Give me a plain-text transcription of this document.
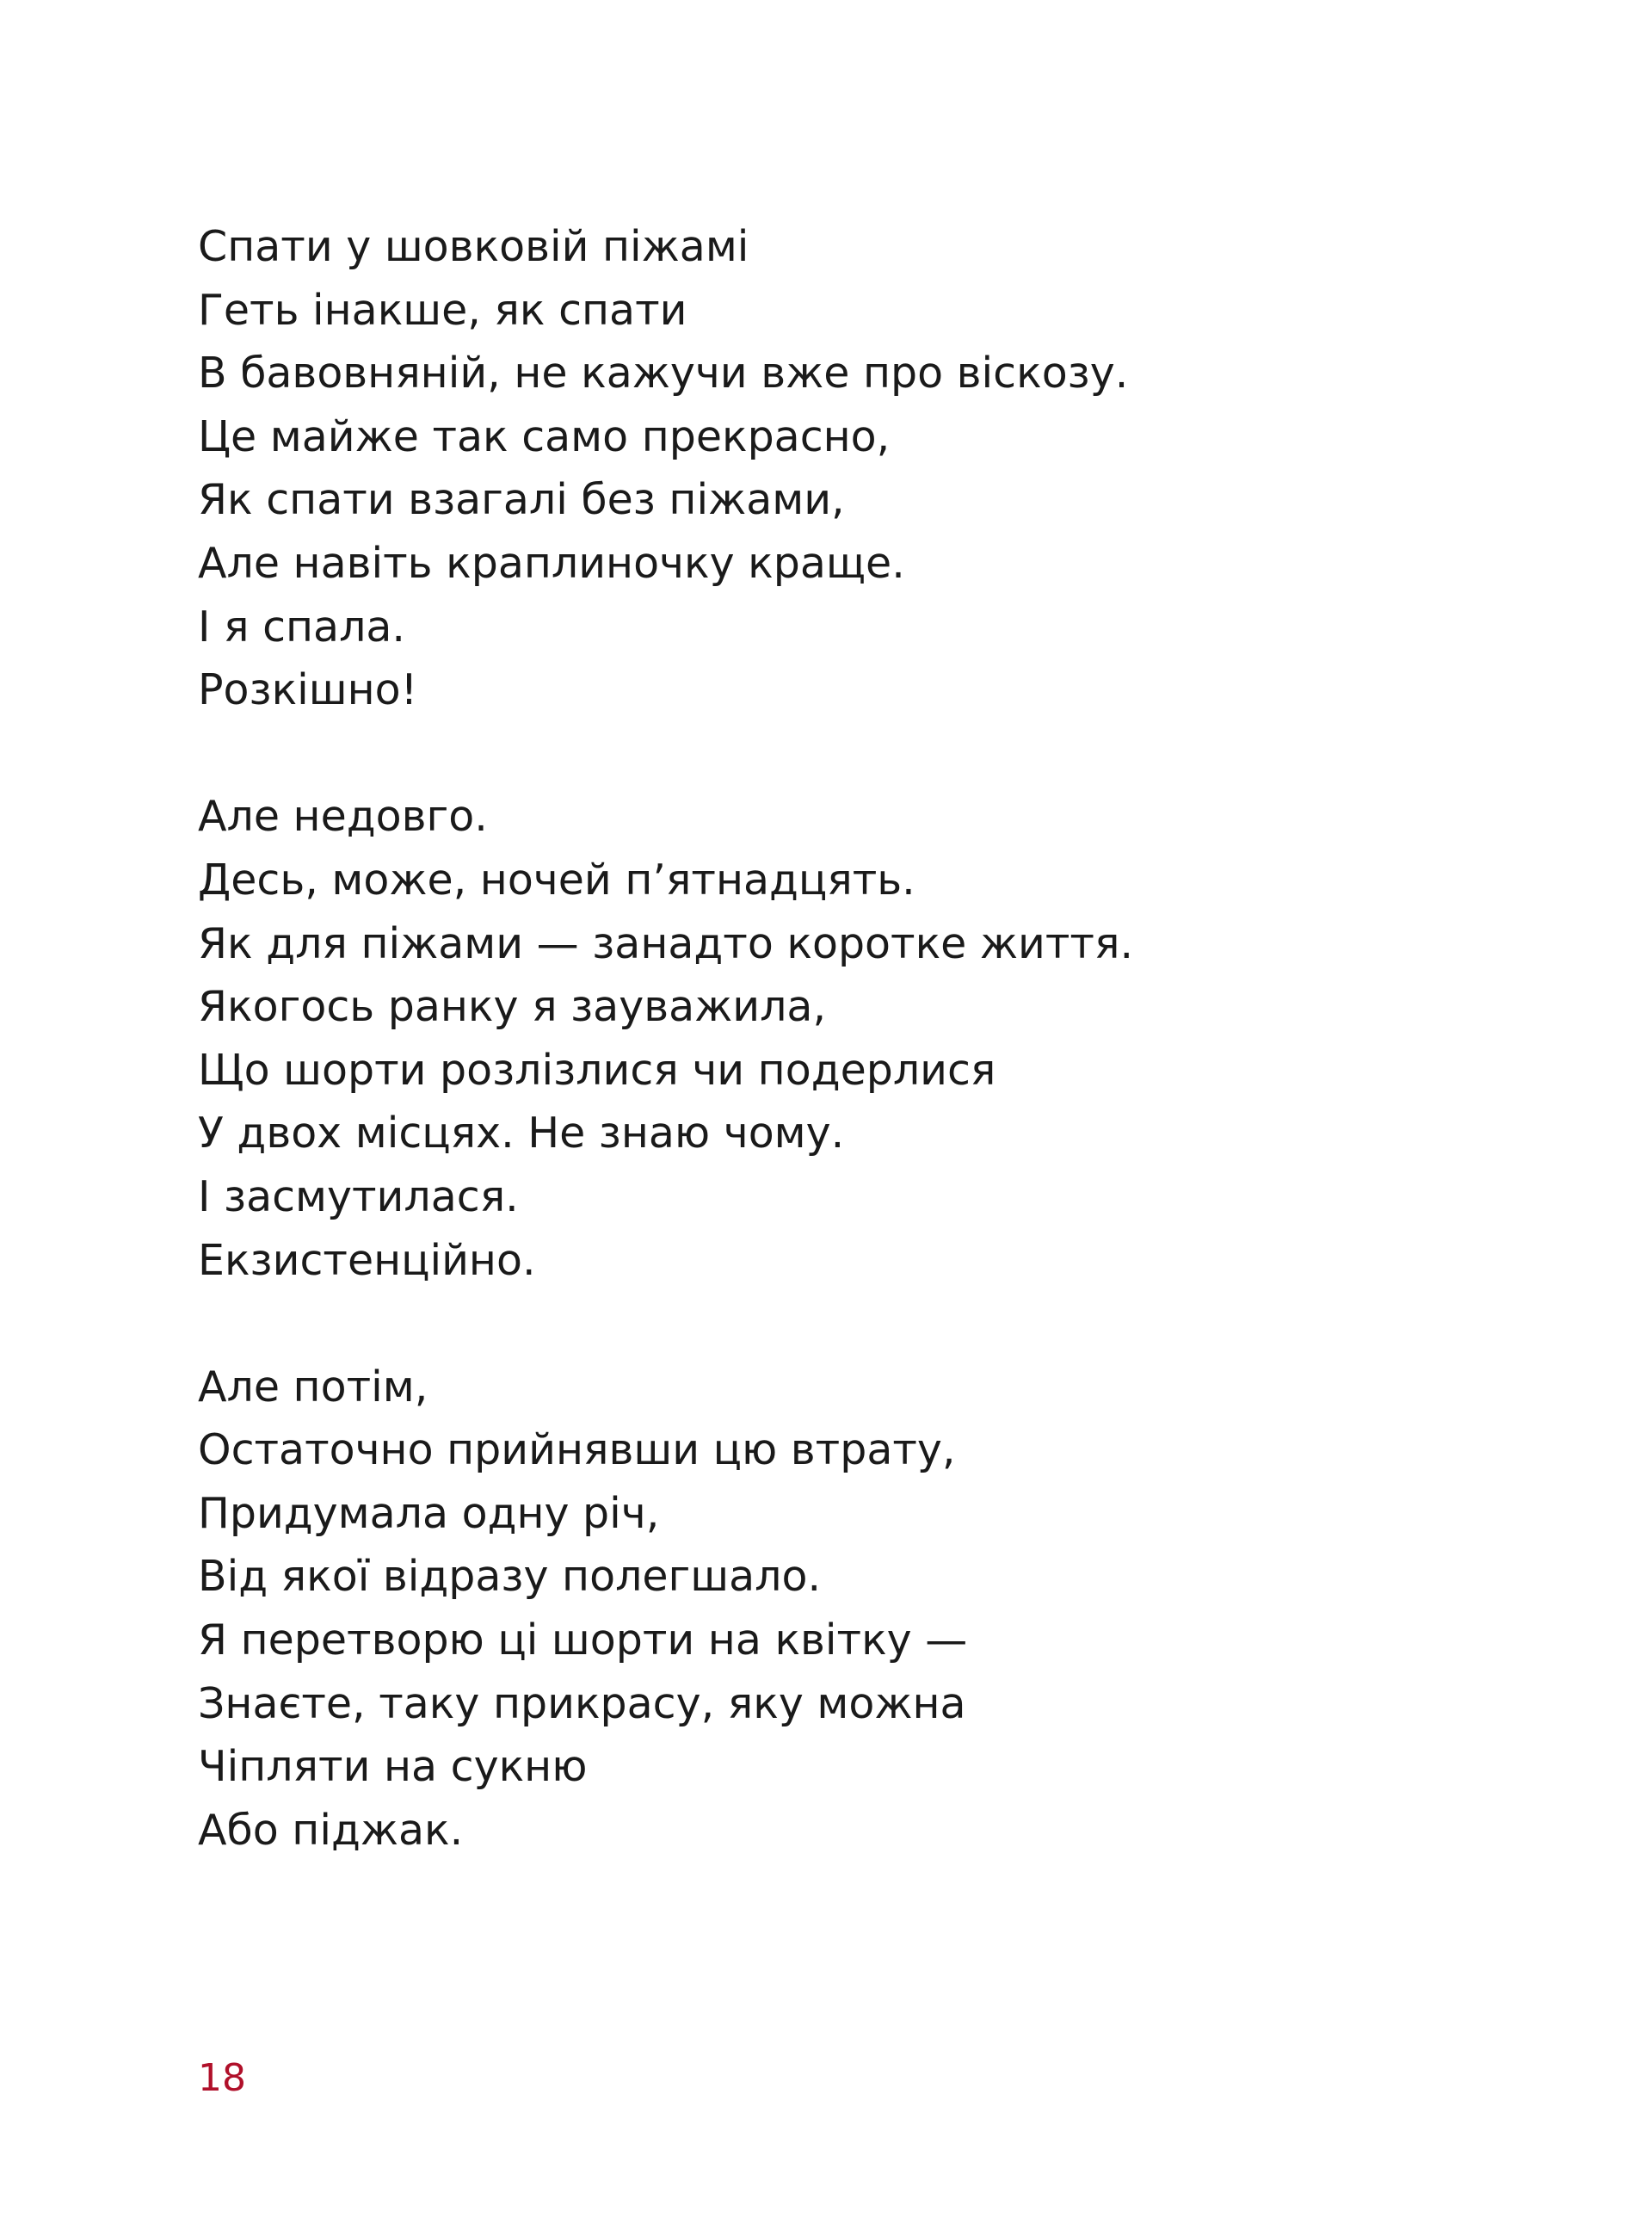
Спати у шовковій піжамі
Геть інакше, як спати
В бавовняній, не кажучи вже про віскозу.
Це майже так само прекрасно,
Як спати взагалі без піжами,
Але навіть краплиночку краще.
І я спала.
Розкішно!
Але недовго.
Десь, може, ночей п’ятнадцять.
Як для піжами — занадто коротке життя.
Якогось ранку я зауважила,
Що шорти розлізлися чи подерлися
У двох місцях. Не знаю чому.
І засмутилася.
Екзистенційно.
Але потім,
Остаточно прийнявши цю втрату,
Придумала одну річ,
Від якої відразу полегшало.
Я перетворю ці шорти на квітку —
Знаєте, таку прикрасу, яку можна
Чіпляти на сукню
Або піджак.
18
